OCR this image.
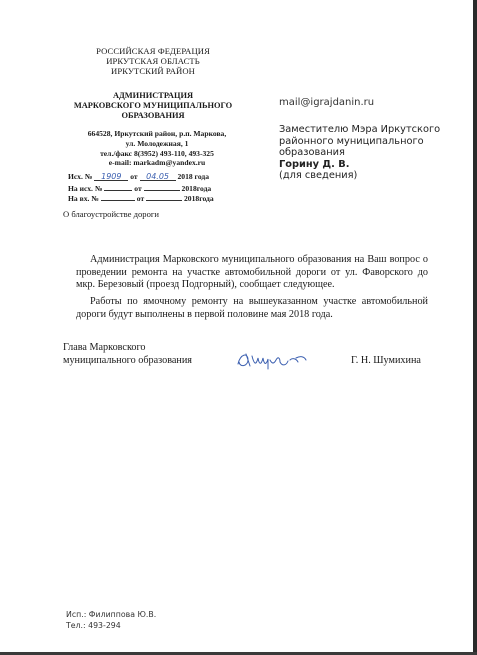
РОССИЙСКАЯ ФЕДЕРАЦИЯ
ИРКУТСКАЯ ОБЛАСТЬ
ИРКУТСКИЙ РАЙОН
АДМИНИСТРАЦИЯ
МАРКОВСКОГО МУНИЦИПАЛЬНОГО
ОБРАЗОВАНИЯ
664528, Иркутский район, р.п. Маркова,
ул. Молодежная, 1
тел./факс 8(3952) 493-110, 493-325
e-mail: markadm@yandex.ru
Исх. № 1909 от 04.05 2018 года
На исх. №	от	2018года
На вх. №	от	2018года
О благоустройстве дороги
mail@igrajdanin.ru
Заместителю Мэра Иркутского
районного муниципального
образования
Горину Д. В.
(для сведения)
Администрация Марковского муниципального образования на Ваш вопрос о проведении ремонта на участке автомобильной дороги от ул. Фаворского до мкр. Березовый (проезд Подгорный), сообщает следующее.
Работы по ямочному ремонту на вышеуказанном участке автомобильной дороги будут выполнены в первой половине мая 2018 года.
Глава Марковского
муниципального образования	Г. Н. Шумихина
Исп.: Филиппова Ю.В.
Тел.: 493-294
